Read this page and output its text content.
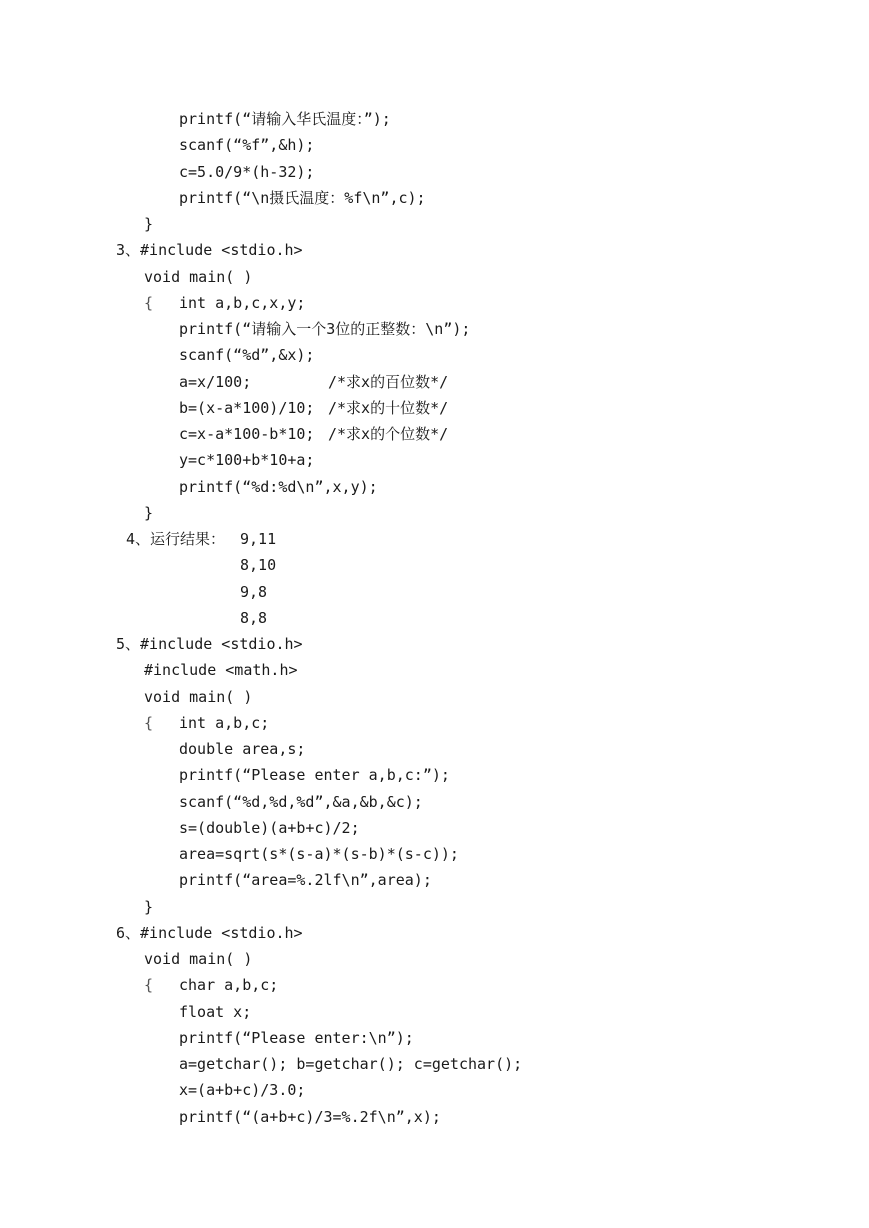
printf(“请输入华氏温度：”);
scanf(“%f”,&h);
c=5.0/9*(h-32);
printf(“\n摄氏温度：%f\n”,c);
}
3、#include <stdio.h>
void main( )
{ int a,b,c,x,y;
printf(“请输入一个3位的正整数：\n”);
scanf(“%d”,&x);
a=x/100;	/*求x的百位数*/
b=(x-a*100)/10; /*求x的十位数*/
c=x-a*100-b*10; /*求x的个位数*/
y=c*100+b*10+a;
printf(“%d:%d\n”,x,y);
}
4、运行结果： 9,11
8,10
9,8
8,8
5、#include <stdio.h>
#include <math.h>
void main( )
{ int a,b,c;
double area,s;
printf(“Please enter a,b,c:”);
scanf(“%d,%d,%d”,&a,&b,&c);
s=(double)(a+b+c)/2;
area=sqrt(s*(s-a)*(s-b)*(s-c));
printf(“area=%.2lf\n”,area);
}
6、#include <stdio.h>
void main( )
{ char a,b,c;
float x;
printf(“Please enter:\n”);
a=getchar(); b=getchar(); c=getchar();
x=(a+b+c)/3.0;
printf(“(a+b+c)/3=%.2f\n”,x);
